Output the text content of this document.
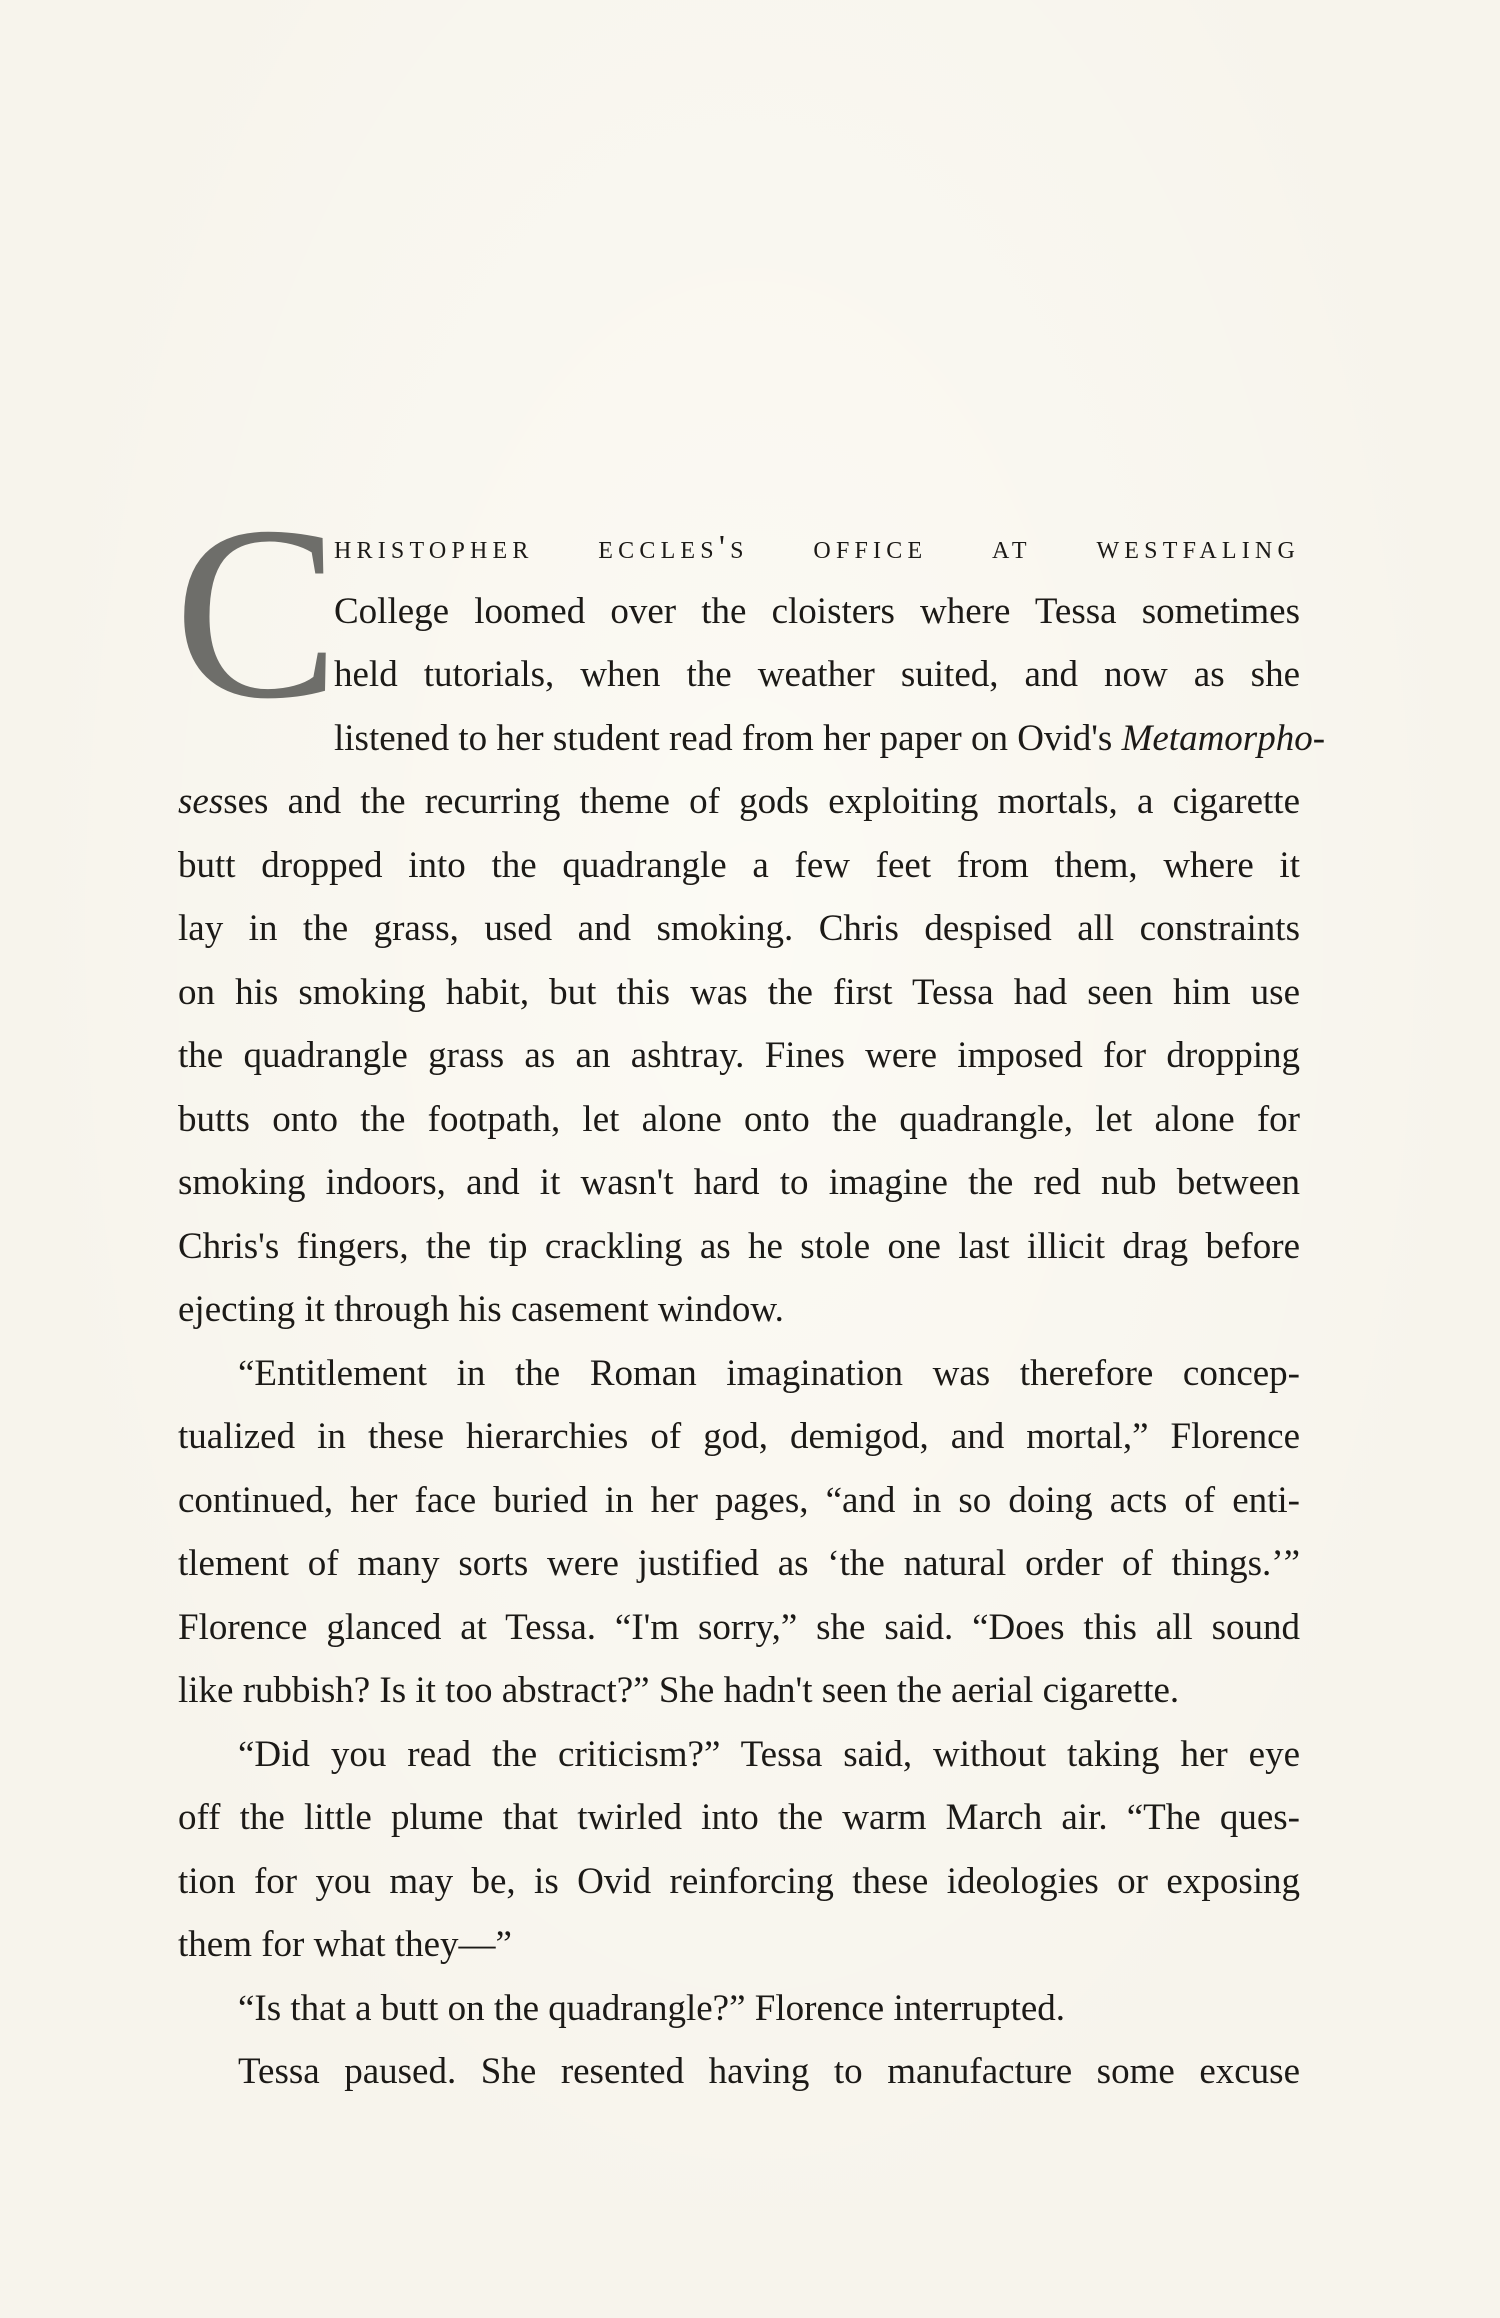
C
hristopher eccles's office at westfaling
College loomed over the cloisters where Tessa sometimes
held tutorials, when the weather suited, and now as she
listened to her student read from her paper on Ovid's Metamorpho-
sesses and the recurring theme of gods exploiting mortals, a cigarette
butt dropped into the quadrangle a few feet from them, where it
lay in the grass, used and smoking. Chris despised all constraints
on his smoking habit, but this was the first Tessa had seen him use
the quadrangle grass as an ashtray. Fines were imposed for dropping
butts onto the footpath, let alone onto the quadrangle, let alone for
smoking indoors, and it wasn't hard to imagine the red nub between
Chris's fingers, the tip crackling as he stole one last illicit drag before
ejecting it through his casement window.
“Entitlement in the Roman imagination was therefore concep-
tualized in these hierarchies of god, demigod, and mortal,” Florence
continued, her face buried in her pages, “and in so doing acts of enti-
tlement of many sorts were justified as ‘the natural order of things.’”
Florence glanced at Tessa. “I'm sorry,” she said. “Does this all sound
like rubbish? Is it too abstract?” She hadn't seen the aerial cigarette.
“Did you read the criticism?” Tessa said, without taking her eye
off the little plume that twirled into the warm March air. “The ques-
tion for you may be, is Ovid reinforcing these ideologies or exposing
them for what they—”
“Is that a butt on the quadrangle?” Florence interrupted.
Tessa paused. She resented having to manufacture some excuse
